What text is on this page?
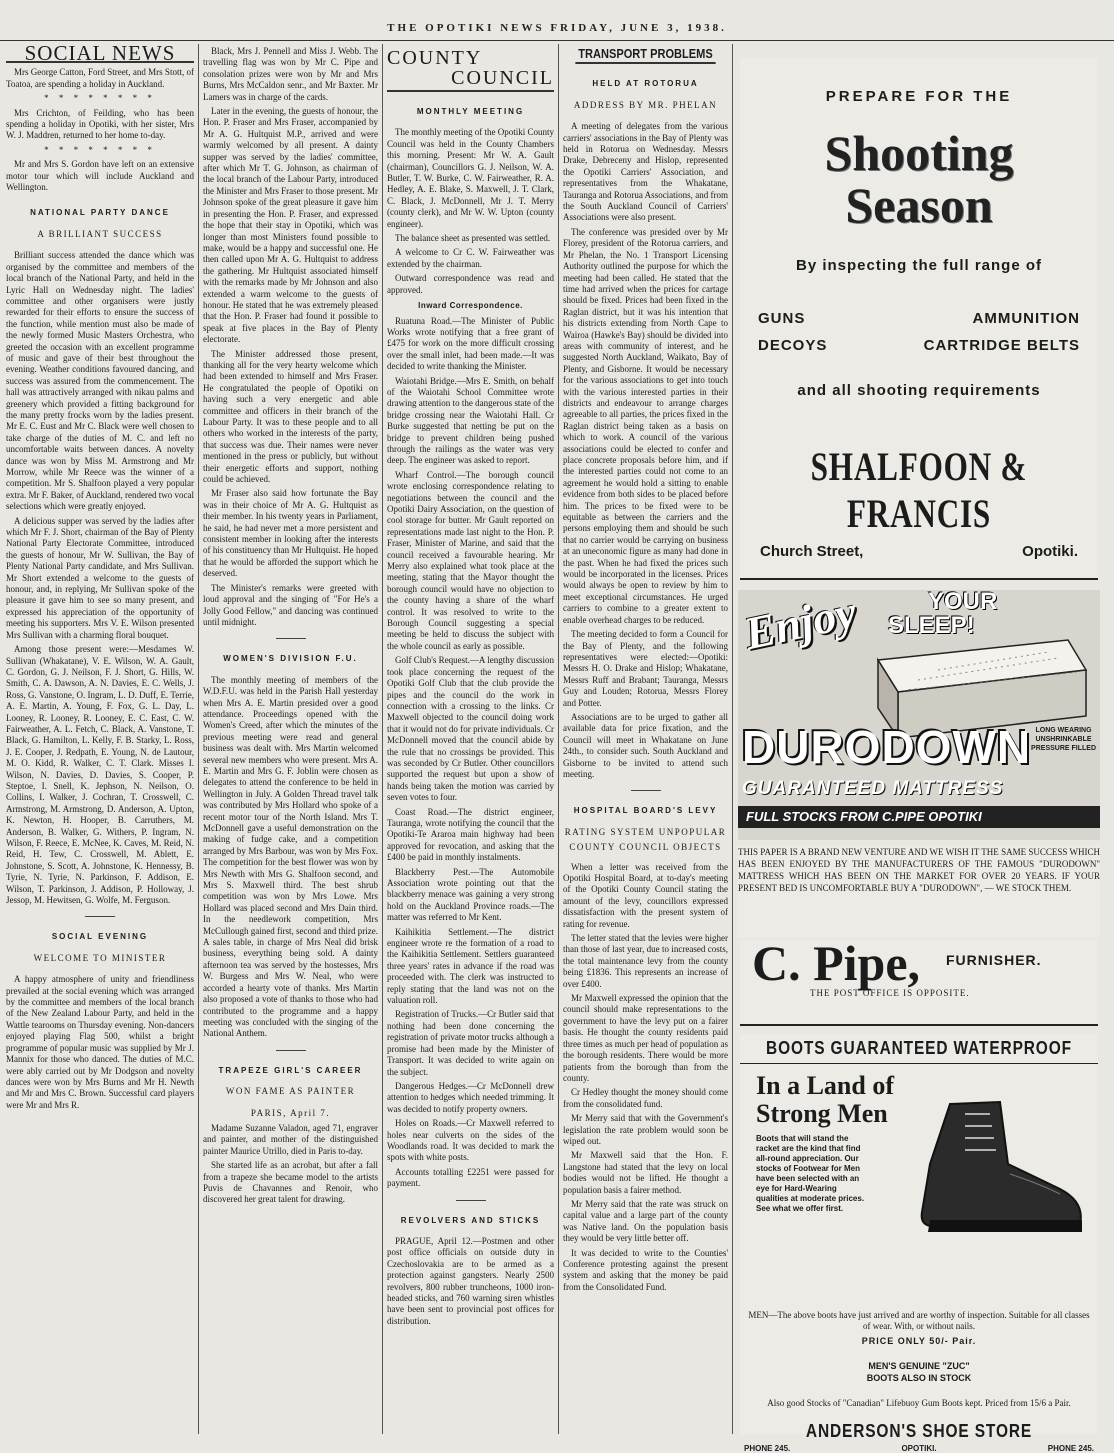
THE OPOTIKI NEWS FRIDAY, JUNE 3, 1938.
SOCIAL NEWS

Mrs George Catton, Ford Street, and Mrs Stott, of Toatoa, are spending a holiday in Auckland.

* * * * * * * *

Mrs Crichton, of Feilding, who has been spending a holiday in Opotiki, with her sister, Mrs W. J. Maddren, returned to her home to-day.

* * * * * * * *

Mr and Mrs S. Gordon have left on an extensive motor tour which will include Auckland and Wellington.

NATIONAL PARTY DANCE
A BRILLIANT SUCCESS

Brilliant success attended the dance which was organised by the committee and members of the local branch of the National Party, and held in the Lyric Hall on Wednesday night. The ladies' committee and other organisers were justly rewarded for their efforts to ensure the success of the function, while mention must also be made of the newly formed Music Masters Orchestra, who greeted the occasion with an excellent programme of music and gave of their best throughout the evening. Weather conditions favoured dancing, and success was assured from the commencement. The hall was attractively arranged with nikau palms and greenery which provided a fitting background for the many pretty frocks worn by the ladies present. Mr E. C. Eust and Mr C. Black were well chosen to take charge of the duties of M. C. and left no uncomfortable waits between dances. A novelty dance was won by Miss M. Armstrong and Mr Morrow, while Mr Reece was the winner of a competition. Mr S. Shalfoon played a very popular extra. Mr F. Baker, of Auckland, rendered two vocal selections which were greatly enjoyed.

A delicious supper was served by the ladies after which Mr F. J. Short, chairman of the Bay of Plenty National Party Electorate Committee, introduced the guests of honour, Mr W. Sullivan, the Bay of Plenty National Party candidate, and Mrs Sullivan. Mr Short extended a welcome to the guests of honour, and, in replying, Mr Sullivan spoke of the pleasure it gave him to see so many present, and expressed his appreciation of the opportunity of meeting his supporters. Mrs V. E. Wilson presented Mrs Sullivan with a charming floral bouquet.

Among those present were:—Mesdames W. Sullivan (Whakatane), V. E. Wilson, W. A. Gault, C. Gordon, G. J. Neilson, F. J. Short, G. Hills, W. Smith, C. A. Dawson, A. N. Davies, E. C. Wells, J. Ross, G. Vanstone, O. Ingram, L. D. Duff, E. Terrie, A. E. Martin, A. Young, F. Fox, G. L. Day, L. Looney, R. Looney, R. Looney, E. C. East, C. W. Fairweather, A. L. Fetch, C. Black, A. Vanstone, T. Black, G. Hamilton, L. Kelly, F. B. Starky, L. Ross, J. E. Cooper, J. Redpath, E. Young, N. de Lautour, M. O. Kidd, R. Walker, C. T. Clark. Misses I. Wilson, N. Davies, D. Davies, S. Cooper, P. Steptoe, I. Snell, K. Jephson, N. Neilson, O. Collins, I. Walker, J. Cochran, T. Crosswell, C. Armstrong, M. Armstrong, D. Anderson, A. Upton, K. Newton, H. Hooper, B. Carruthers, M. Anderson, B. Walker, G. Withers, P. Ingram, N. Wilson, F. Reece, E. McNee, K. Caves, M. Reid, N. Reid, H. Tew, C. Crosswell, M. Ablett, E. Johnstone, S. Scott, A. Johnstone, K. Hennessy, B. Tyrie, N. Tyrie, N. Parkinson, F. Addison, E. Wilson, T. Parkinson, J. Addison, P. Holloway, J. Jessop, M. Hewitsen, G. Wolfe, M. Ferguson.

SOCIAL EVENING
WELCOME TO MINISTER

A happy atmosphere of unity and friendliness prevailed at the social evening which was arranged by the committee and members of the local branch of the New Zealand Labour Party, and held in the Wattle tearooms on Thursday evening. Non-dancers enjoyed playing Flag 500, whilst a bright programme of popular music was supplied by Mr J. Mannix for those who danced. The duties of M.C. were ably carried out by Mr Dodgson and novelty dances were won by Mrs Burns and Mr H. Newth and Mr and Mrs C. Brown. Successful card players were Mr and Mrs R.

Black, Mrs J. Pennell and Miss J. Webb. The travelling flag was won by Mr C. Pipe and consolation prizes were won by Mr and Mrs Burns, Mrs McCaldon senr., and Mr Baxter. Mr Lamers was in charge of the cards.

Later in the evening, the guests of honour, the Hon. P. Fraser and Mrs Fraser, accompanied by Mr A. G. Hultquist M.P., arrived and were warmly welcomed by all present. A dainty supper was served by the ladies' committee, after which Mr T. G. Johnson, as chairman of the local branch of the Labour Party, introduced the Minister and Mrs Fraser to those present. Mr Johnson spoke of the great pleasure it gave him in presenting the Hon. P. Fraser, and expressed the hope that their stay in Opotiki, which was longer than most Ministers found possible to make, would be a happy and successful one. He then called upon Mr A. G. Hultquist to address the gathering. Mr Hultquist associated himself with the remarks made by Mr Johnson and also extended a warm welcome to the guests of honour. He stated that he was extremely pleased that the Hon. P. Fraser had found it possible to speak at five places in the Bay of Plenty electorate.

The Minister addressed those present, thanking all for the very hearty welcome which had been extended to himself and Mrs Fraser. He congratulated the people of Opotiki on having such a very energetic and able committee and officers in their branch of the Labour Party. It was to these people and to all others who worked in the interests of the party, that success was due. Their names were never mentioned in the press or publicly, but without their energetic efforts and support, nothing could be achieved.

Mr Fraser also said how fortunate the Bay was in their choice of Mr A. G. Hultquist as their member. In his twenty years in Parliament, he said, he had never met a more persistent and consistent member in looking after the interests of his constituency than Mr Hultquist. He hoped that he would be afforded the support which he deserved.

The Minister's remarks were greeted with loud approval and the singing of "For He's a Jolly Good Fellow," and dancing was continued until midnight.

WOMEN'S DIVISION F.U.

The monthly meeting of members of the W.D.F.U. was held in the Parish Hall yesterday when Mrs A. E. Martin presided over a good attendance. Proceedings opened with the Women's Creed, after which the minutes of the previous meeting were read and general business was dealt with. Mrs Martin welcomed several new members who were present. Mrs A. E. Martin and Mrs G. F. Joblin were chosen as delegates to attend the conference to be held in Wellington in July. A Golden Thread travel talk was contributed by Mrs Hollard who spoke of a recent motor tour of the North Island. Mrs T. McDonnell gave a useful demonstration on the making of fudge cake, and a competition arranged by Mrs Barbour, was won by Mrs Fox. The competition for the best flower was won by Mrs Newth with Mrs G. Shalfoon second, and Mrs S. Maxwell third. The best shrub competition was won by Mrs Lowe. Mrs Hollard was placed second and Mrs Dain third. In the needlework competition, Mrs McCullough gained first, second and third prize. A sales table, in charge of Mrs Neal did brisk business, everything being sold. A dainty afternoon tea was served by the hostesses, Mrs W. Burgess and Mrs W. Neal, who were accorded a hearty vote of thanks. Mrs Martin also proposed a vote of thanks to those who had contributed to the programme and a happy meeting was concluded with the singing of the National Anthem.

TRAPEZE GIRL'S CAREER
WON FAME AS PAINTER
PARIS, April 7.

Madame Suzanne Valadon, aged 71, engraver and painter, and mother of the distinguished painter Maurice Utrillo, died in Paris to-day.

She started life as an acrobat, but after a fall from a trapeze she became model to the artists Puvis de Chavannes and Renoir, who discovered her great talent for drawing.

COUNTY
COUNCIL
MONTHLY MEETING

The monthly meeting of the Opotiki County Council was held in the County Chambers this morning. Present: Mr W. A. Gault (chairman), Councillors G. J. Neilson, W. A. Butler, T. W. Burke, C. W. Fairweather, R. A. Hedley, A. E. Blake, S. Maxwell, J. T. Clark, C. Black, J. McDonnell, Mr J. T. Merry (county clerk), and Mr W. W. Upton (county engineer).

The balance sheet as presented was settled.

A welcome to Cr C. W. Fairweather was extended by the chairman.

Outward correspondence was read and approved.

Inward Correspondence.

Ruatuna Road.—The Minister of Public Works wrote notifying that a free grant of £475 for work on the more difficult crossing over the small inlet, had been made.—It was decided to write thanking the Minister.

Waiotahi Bridge.—Mrs E. Smith, on behalf of the Waiotahi School Committee wrote drawing attention to the dangerous state of the bridge crossing near the Waiotahi Hall. Cr Burke suggested that netting be put on the bridge to prevent children being pushed through the railings as the water was very deep. The engineer was asked to report.

Wharf Control.—The borough council wrote enclosing correspondence relating to negotiations between the council and the Opotiki Dairy Association, on the question of cool storage for butter. Mr Gault reported on representations made last night to the Hon. P. Fraser, Minister of Marine, and said that the council received a favourable hearing. Mr Merry also explained what took place at the meeting, stating that the Mayor thought the borough council would have no objection to the county having a share of the wharf control. It was resolved to write to the Borough Council suggesting a special meeting be held to discuss the subject with the whole council as early as possible.

Golf Club's Request.—A lengthy discussion took place concerning the request of the Opotiki Golf Club that the club provide the pipes and the council do the work in connection with a crossing to the links. Cr Maxwell objected to the council doing work that it would not do for private individuals. Cr McDonnell moved that the council abide by the rule that no crossings be provided. This was seconded by Cr Butler. Other councillors supported the request but upon a show of hands being taken the motion was carried by seven votes to four.

Coast Road.—The district engineer, Tauranga, wrote notifying the council that the Opotiki-Te Araroa main highway had been approved for revocation, and asking that the £400 be paid in monthly instalments.

Blackberry Pest.—The Automobile Association wrote pointing out that the blackberry menace was gaining a very strong hold on the Auckland Province roads.—The matter was referred to Mr Kent.

Kaihikitia Settlement.—The district engineer wrote re the formation of a road to the Kaihikitia Settlement. Settlers guaranteed three years' rates in advance if the road was proceeded with. The clerk was instructed to reply stating that the land was not on the valuation roll.

Registration of Trucks.—Cr Butler said that nothing had been done concerning the registration of private motor trucks although a promise had been made by the Minister of Transport. It was decided to write again on the subject.

Dangerous Hedges.—Cr McDonnell drew attention to hedges which needed trimming. It was decided to notify property owners.

Holes on Roads.—Cr Maxwell referred to holes near culverts on the sides of the Woodlands road. It was decided to mark the spots with white posts.

Accounts totalling £2251 were passed for payment.

REVOLVERS AND STICKS

PRAGUE, April 12.—Postmen and other post office officials on outside duty in Czechoslovakia are to be armed as a protection against gangsters. Nearly 2500 revolvers, 800 rubber truncheons, 1000 iron-headed sticks, and 760 warning siren whistles have been sent to provincial post offices for distribution.

TRANSPORT PROBLEMS
HELD AT ROTORUA
ADDRESS BY MR. PHELAN

A meeting of delegates from the various carriers' associations in the Bay of Plenty was held in Rotorua on Wednesday. Messrs Drake, Debreceny and Hislop, represented the Opotiki Carriers' Association, and representatives from the Whakatane, Tauranga and Rotorua Associations, and from the South Auckland Council of Carriers' Associations were also present.

The conference was presided over by Mr Florey, president of the Rotorua carriers, and Mr Phelan, the No. 1 Transport Licensing Authority outlined the purpose for which the meeting had been called. He stated that the time had arrived when the prices for cartage should be fixed. Prices had been fixed in the Raglan district, but it was his intention that his districts extending from North Cape to Wairoa (Hawke's Bay) should be divided into areas with community of interest, and he suggested North Auckland, Waikato, Bay of Plenty, and Gisborne. It would be necessary for the various associations to get into touch with the various interested parties in their districts and endeavour to arrange charges agreeable to all parties, the prices fixed in the Raglan district being taken as a basis on which to work. A council of the various associations could be elected to confer and place concrete proposals before him, and if the interested parties could not come to an agreement he would hold a sitting to enable evidence from both sides to be placed before him. The prices to be fixed were to be equitable as between the carriers and the persons employing them and should be such that no carrier would be carrying on business at an uneconomic figure as many had done in the past. When he had fixed the prices such would be incorporated in the licenses. Prices would always be open to review by him to meet exceptional circumstances. He urged carriers to combine to a greater extent to enable overhead charges to be reduced.

The meeting decided to form a Council for the Bay of Plenty, and the following representatives were elected:—Opotiki: Messrs H. O. Drake and Hislop; Whakatane, Messrs Ruff and Brabant; Tauranga, Messrs Guy and Louden; Rotorua, Messrs Florey and Potter.

Associations are to be urged to gather all available data for price fixation, and the Council will meet in Whakatane on June 24th., to consider such. South Auckland and Gisborne to be invited to attend such meeting.

HOSPITAL BOARD'S LEVY
RATING SYSTEM UNPOPULAR
COUNTY COUNCIL OBJECTS

When a letter was received from the Opotiki Hospital Board, at to-day's meeting of the Opotiki County Council stating the amount of the levy, councillors expressed dissatisfaction with the present system of rating for revenue.

The letter stated that the levies were higher than those of last year, due to increased costs, the total maintenance levy from the county being £1836. This represents an increase of over £400.

Mr Maxwell expressed the opinion that the council should make representations to the government to have the levy put on a fairer basis. He thought the county residents paid three times as much per head of population as the borough residents. There would be more patients from the borough than from the county.

Cr Hedley thought the money should come from the consolidated fund.

Mr Merry said that with the Government's legislation the rate problem would soon be wiped out.

Mr Maxwell said that the Hon. F. Langstone had stated that the levy on local bodies would not be lifted. He thought a population basis a fairer method.

Mr Merry said that the rate was struck on capital value and a large part of the county was Native land. On the population basis they would be very little better off.

It was decided to write to the Counties' Conference protesting against the present system and asking that the money be paid from the Consolidated Fund.

PREPARE FOR THE
Shooting
Season
By inspecting the full range of
GUNS	AMMUNITION
DECOYS	CARTRIDGE BELTS
and all shooting requirements
SHALFOON & FRANCIS
Church Street,	Opotiki.
Enjoy	YOUR
SLEEP!
LONG WEARING
UNSHRINKABLE
PRESSURE FILLED
DURODOWN
GUARANTEED MATTRESS
FULL STOCKS FROM C.PIPE OPOTIKI
THIS PAPER IS A BRAND NEW VENTURE AND WE WISH IT THE SAME SUCCESS WHICH HAS BEEN ENJOYED BY THE MANUFACTURERS OF THE FAMOUS "DURODOWN" MATTRESS WHICH HAS BEEN ON THE MARKET FOR OVER 20 YEARS. IF YOUR PRESENT BED IS UNCOMFORTABLE BUY A "DURODOWN", — WE STOCK THEM.
C. Pipe, FURNISHER.
THE POST OFFICE IS OPPOSITE.
BOOTS GUARANTEED WATERPROOF
In a Land of
Strong Men
Boots that will stand the racket are the kind that find all-round appreciation. Our stocks of Footwear for Men have been selected with an eye for Hard-Wearing qualities at moderate prices. See what we offer first.
MEN—The above boots have just arrived and are worthy of inspection. Suitable for all classes of wear. With, or without nails.
PRICE ONLY 50/- Pair.
MEN'S GENUINE "ZUC"
BOOTS ALSO IN STOCK
Also good Stocks of "Canadian" Lifebuoy Gum Boots kept. Priced from 15/6 a Pair.
ANDERSON'S SHOE STORE
PHONE 245.	OPOTIKI.	PHONE 245.
